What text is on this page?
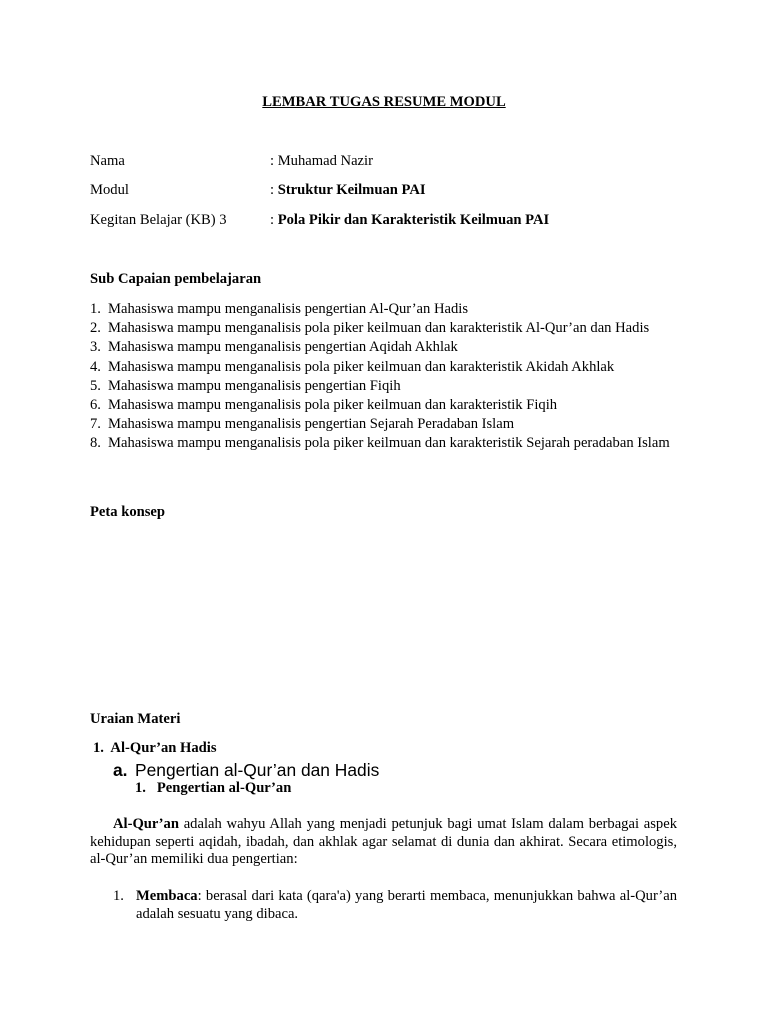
LEMBAR TUGAS RESUME MODUL
Nama	: Muhamad Nazir
Modul	: Struktur Keilmuan PAI
Kegitan Belajar (KB) 3	: Pola Pikir dan Karakteristik Keilmuan PAI
Sub Capaian pembelajaran
1. Mahasiswa mampu menganalisis pengertian Al-Qur’an Hadis
2. Mahasiswa mampu menganalisis pola piker keilmuan dan karakteristik Al-Qur’an dan Hadis
3. Mahasiswa mampu menganalisis pengertian Aqidah Akhlak
4. Mahasiswa mampu menganalisis pola piker keilmuan dan karakteristik Akidah Akhlak
5. Mahasiswa mampu menganalisis pengertian Fiqih
6. Mahasiswa mampu menganalisis pola piker keilmuan dan karakteristik Fiqih
7. Mahasiswa mampu menganalisis pengertian Sejarah Peradaban Islam
8. Mahasiswa mampu menganalisis pola piker keilmuan dan karakteristik Sejarah peradaban Islam
Peta konsep
Uraian Materi
1.  Al-Qur’an Hadis
a. Pengertian al-Qur’an dan Hadis
1.   Pengertian al-Qur’an
Al-Qur’an adalah wahyu Allah yang menjadi petunjuk bagi umat Islam dalam berbagai aspek kehidupan seperti aqidah, ibadah, dan akhlak agar selamat di dunia dan akhirat. Secara etimologis, al-Qur’an memiliki dua pengertian:
1. Membaca: berasal dari kata (qara'a) yang berarti membaca, menunjukkan bahwa al-Qur’an adalah sesuatu yang dibaca.
